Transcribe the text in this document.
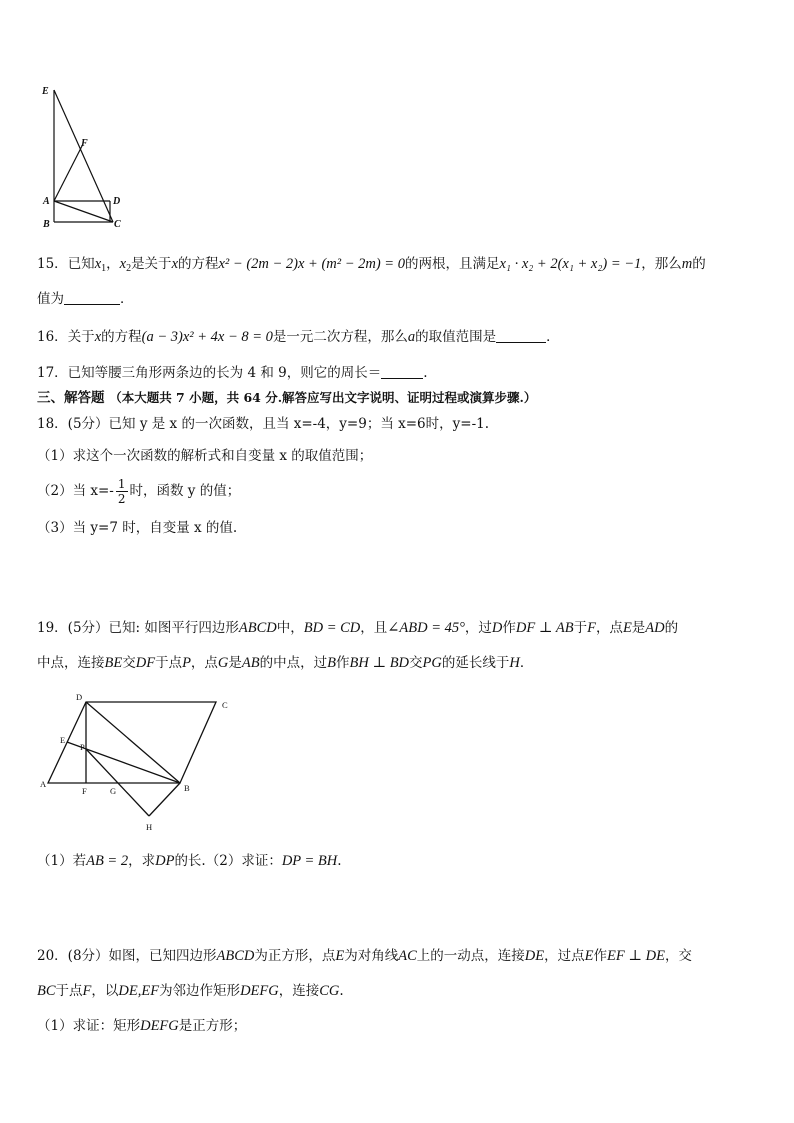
E
F
A	D
B	C
15．已知$x_1$，$x_2$是关于x的方程x² − (2m − 2)x + (m² − 2m) = 0的两根，且满足x₁ · x₂ + 2(x₁ + x₂) = −1，那么m的
值为	．
16．关于x的方程(a − 3)x² + 4x − 8 = 0是一元二次方程，那么a的取值范围是	．
17．已知等腰三角形两条边的长为 4 和 9，则它的周长＝	.
三、解答题 （本大题共 7 小题，共 64 分.解答应写出文字说明、证明过程或演算步骤.）
18．(5分）已知 y 是 x 的一次函数，且当 x=-4，y=9；当 x=6时，y=-1.
（1）求这个一次函数的解析式和自变量 x 的取值范围；
（2）当 $x=- \frac{1}{2}$ 时，函数 y 的值；
（3）当 y=7 时，自变量 x 的值.
19．(5分）已知: 如图平行四边形ABCD中，BD = CD，且∠ABD = 45°，过D作DF ⊥ AB于F，点E是AD的
中点，连接BE交DF于点P，点G是AB的中点，过B作BH ⊥ BD交PG的延长线于H．
D
C
E
P
A
F	G	B
H
（1）若AB = 2，求DP的长.（2）求证：DP = BH.
20．(8分）如图，已知四边形ABCD为正方形，点E为对角线AC上的一动点，连接DE，过点E作EF ⊥ DE，交
BC于点F，以DE,EF为邻边作矩形DEFG，连接CG.
（1）求证：矩形DEFG是正方形；
